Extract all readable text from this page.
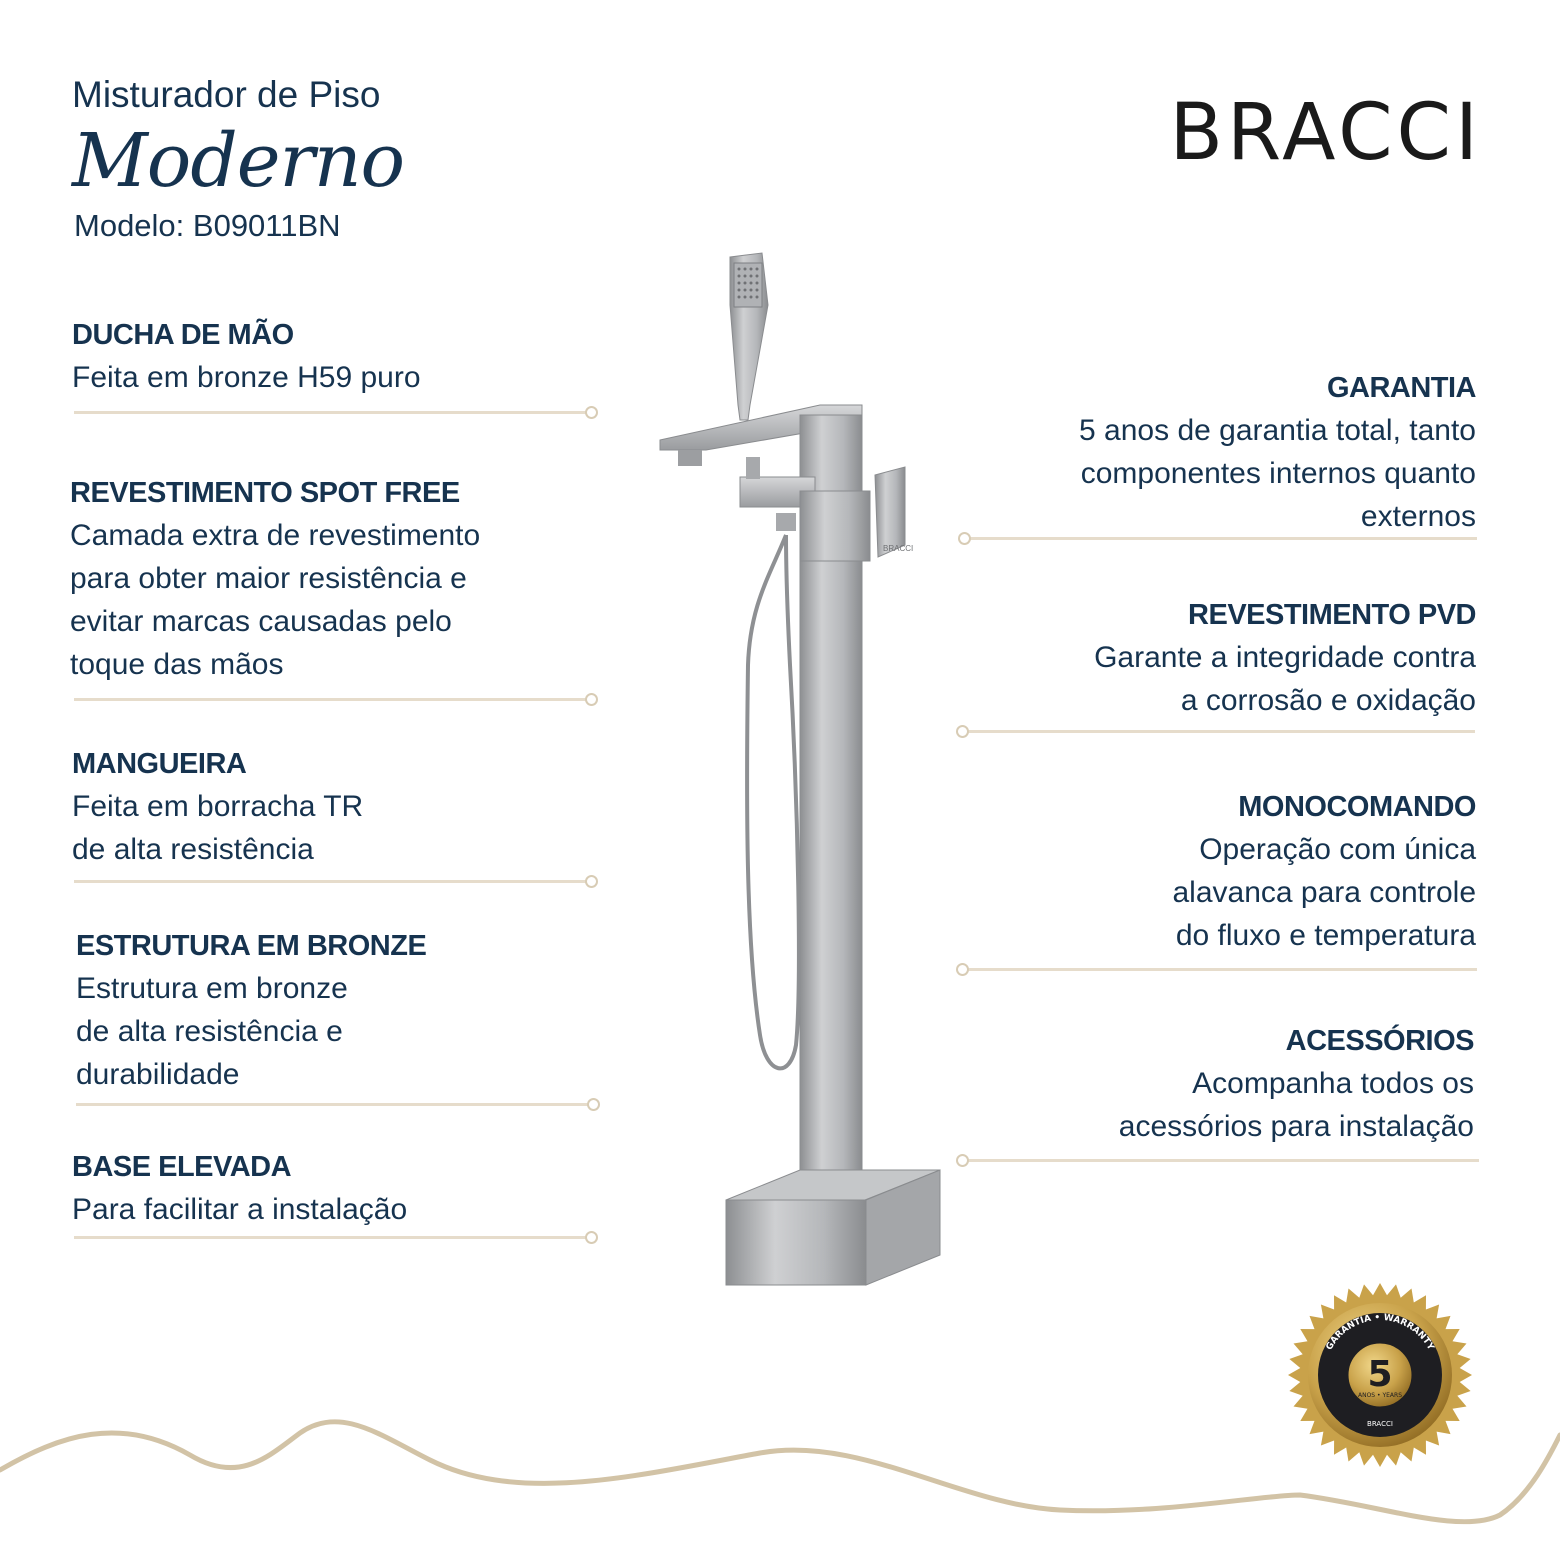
Misturador de Piso
Moderno
Modelo: B09011BN
BRACCI
DUCHA DE MÃO
Feita em bronze H59 puro
REVESTIMENTO SPOT FREE
Camada extra de revestimento
para obter maior resistência e
evitar marcas causadas pelo
toque das mãos
MANGUEIRA
Feita em borracha TR
de alta resistência
ESTRUTURA EM BRONZE
Estrutura em bronze
de alta resistência e
durabilidade
BASE ELEVADA
Para facilitar a instalação
GARANTIA
5 anos de garantia total, tanto
componentes internos quanto
externos
REVESTIMENTO PVD
Garante a integridade contra
a corrosão e oxidação
MONOCOMANDO
Operação com única
alavanca para controle
do fluxo e temperatura
ACESSÓRIOS
Acompanha todos os
acessórios para instalação
BRACCI
5
ANOS • YEARS
GARANTIA • WARRANTY
BRACCI
